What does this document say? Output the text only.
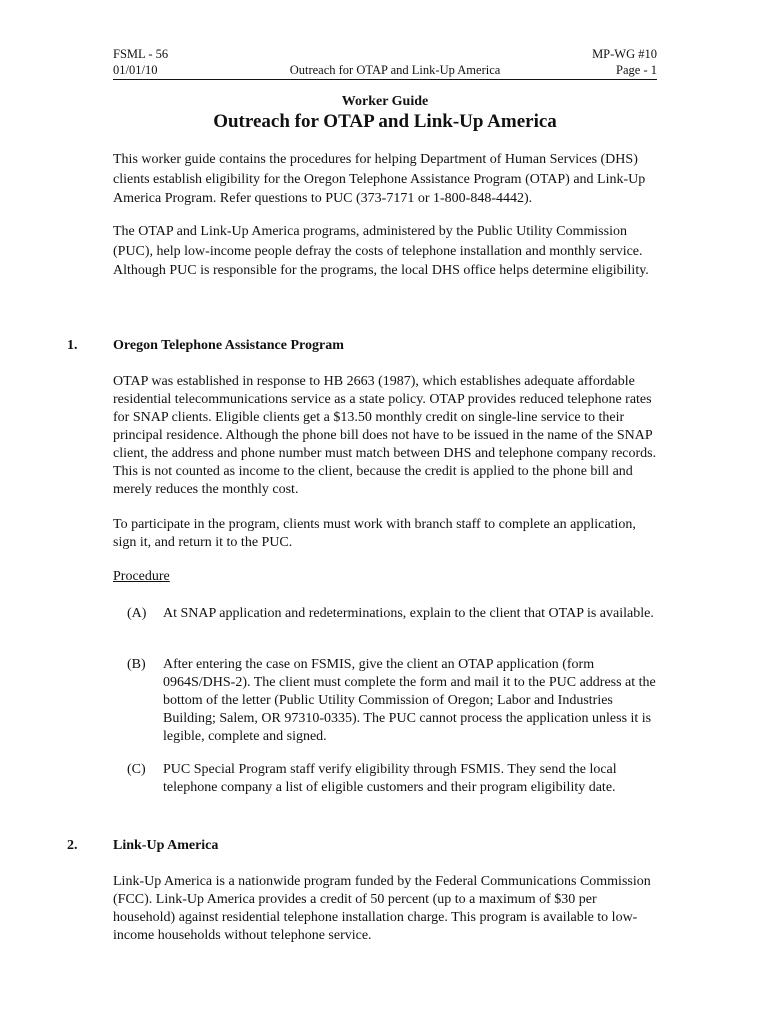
FSML - 56
01/01/10	Outreach for OTAP and Link-Up America
MP-WG #10
Page - 1
Worker Guide
Outreach for OTAP and Link-Up America

This worker guide contains the procedures for helping Department of Human Services (DHS) clients establish eligibility for the Oregon Telephone Assistance Program (OTAP) and Link-Up America Program. Refer questions to PUC (373-7171 or 1-800-848-4442).

The OTAP and Link-Up America programs, administered by the Public Utility Commission (PUC), help low-income people defray the costs of telephone installation and monthly service. Although PUC is responsible for the programs, the local DHS office helps determine eligibility.

1.	Oregon Telephone Assistance Program

OTAP was established in response to HB 2663 (1987), which establishes adequate affordable residential telecommunications service as a state policy. OTAP provides reduced telephone rates for SNAP clients. Eligible clients get a $13.50 monthly credit on single-line service to their principal residence. Although the phone bill does not have to be issued in the name of the SNAP client, the address and phone number must match between DHS and telephone company records. This is not counted as income to the client, because the credit is applied to the phone bill and merely reduces the monthly cost.

To participate in the program, clients must work with branch staff to complete an application, sign it, and return it to the PUC.

Procedure
(A) At SNAP application and redeterminations, explain to the client that OTAP is available.
(B) After entering the case on FSMIS, give the client an OTAP application (form 0964S/DHS-2). The client must complete the form and mail it to the PUC address at the bottom of the letter (Public Utility Commission of Oregon; Labor and Industries Building; Salem, OR 97310-0335). The PUC cannot process the application unless it is legible, complete and signed.
(C) PUC Special Program staff verify eligibility through FSMIS. They send the local telephone company a list of eligible customers and their program eligibility date.
2.	Link-Up America

Link-Up America is a nationwide program funded by the Federal Communications Commission (FCC). Link-Up America provides a credit of 50 percent (up to a maximum of $30 per household) against residential telephone installation charge. This program is available to low-income households without telephone service.
